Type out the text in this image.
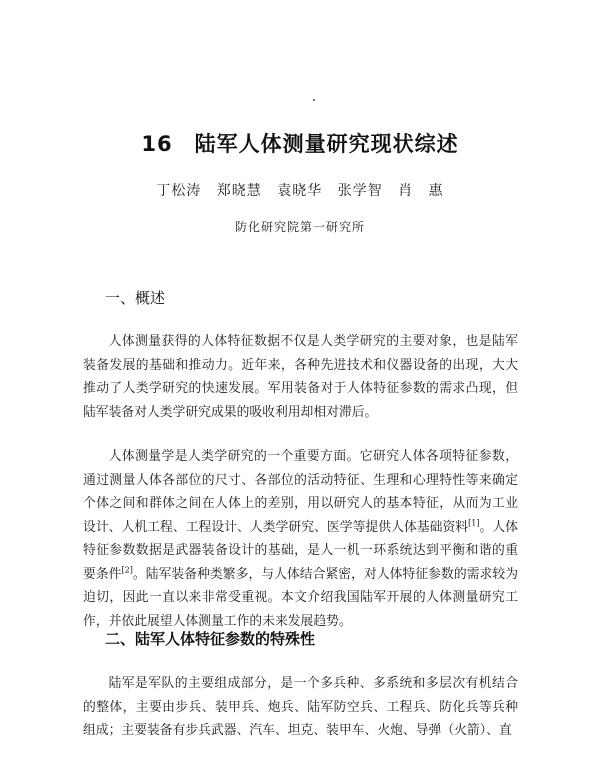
16 陆军人体测量研究现状综述
丁松涛 郑晓慧 袁晓华 张学智 肖 惠
防化研究院第一研究所
一、概述

人体测量获得的人体特征数据不仅是人类学研究的主要对象，也是陆军装备发展的基础和推动力。近年来，各种先进技术和仪器设备的出现，大大推动了人类学研究的快速发展。军用装备对于人体特征参数的需求凸现，但陆军装备对人类学研究成果的吸收利用却相对滞后。

人体测量学是人类学研究的一个重要方面。它研究人体各项特征参数，通过测量人体各部位的尺寸、各部位的活动特征、生理和心理特性等来确定个体之间和群体之间在人体上的差别，用以研究人的基本特征，从而为工业设计、人机工程、工程设计、人类学研究、医学等提供人体基础资料[1]。人体特征参数数据是武器装备设计的基础，是人一机一环系统达到平衡和谐的重要条件[2]。陆军装备种类繁多，与人体结合紧密，对人体特征参数的需求较为迫切，因此一直以来非常受重视。本文介绍我国陆军开展的人体测量研究工作，并依此展望人体测量工作的未来发展趋势。

二、陆军人体特征参数的特殊性

陆军是军队的主要组成部分，是一个多兵种、多系统和多层次有机结合的整体，主要由步兵、装甲兵、炮兵、陆军防空兵、工程兵、防化兵等兵种组成；主要装备有步兵武器、汽车、坦克、装甲车、火炮、导弹（火箭）、直
